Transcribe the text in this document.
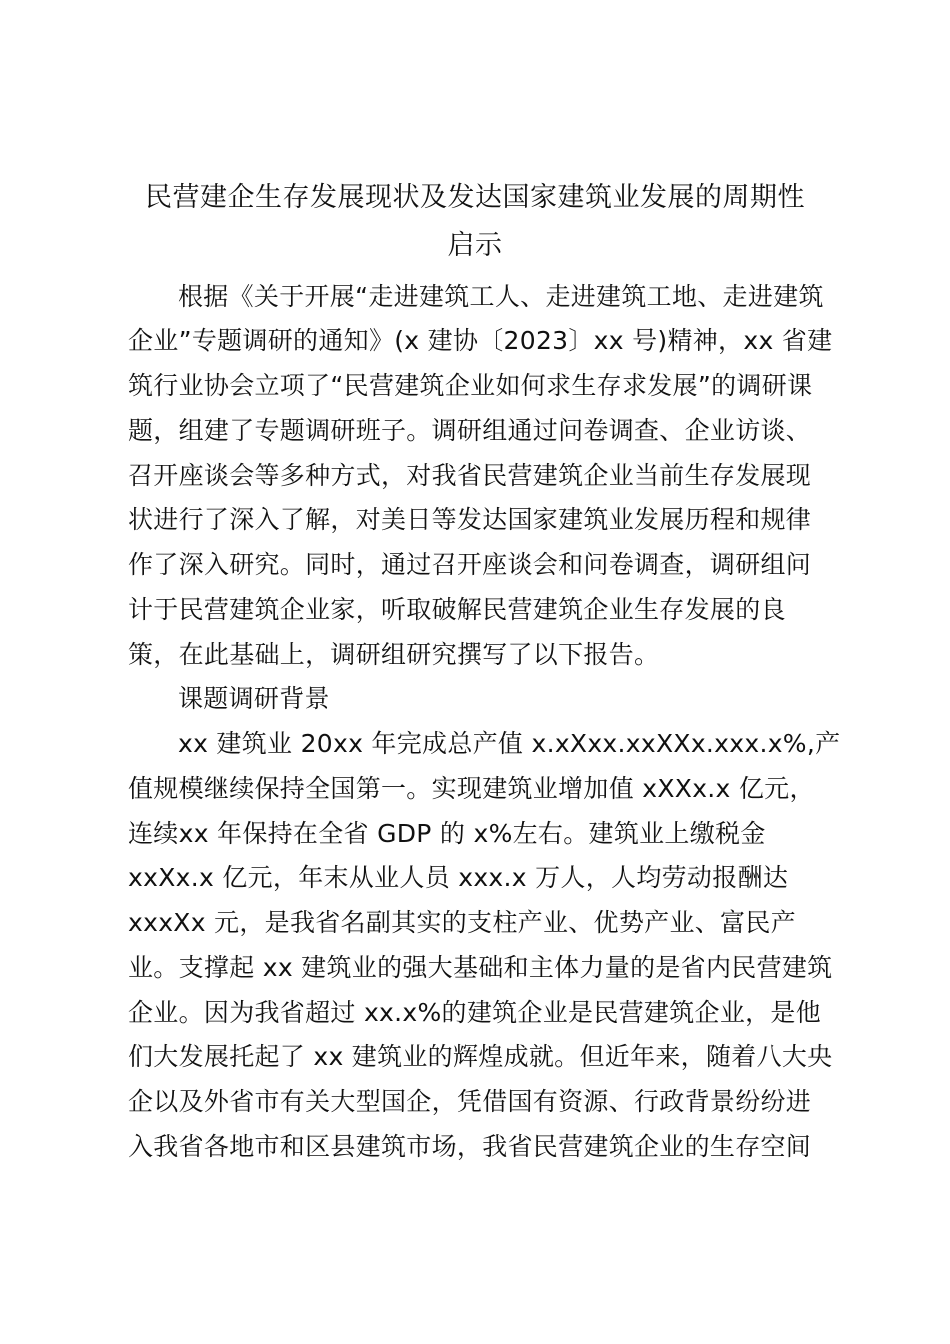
民营建企生存发展现状及发达国家建筑业发展的周期性
启示
根据《关于开展“走进建筑工人、走进建筑工地、走进建筑
企业”专题调研的通知》(x 建协〔2023〕xx 号)精神，xx 省建
筑行业协会立项了“民营建筑企业如何求生存求发展”的调研课
题，组建了专题调研班子。调研组通过问卷调查、企业访谈、
召开座谈会等多种方式，对我省民营建筑企业当前生存发展现
状进行了深入了解，对美日等发达国家建筑业发展历程和规律
作了深入研究。同时，通过召开座谈会和问卷调查，调研组问
计于民营建筑企业家，听取破解民营建筑企业生存发展的良
策，在此基础上，调研组研究撰写了以下报告。
课题调研背景
xx 建筑业 20xx 年完成总产值 x.xXxx.xxXXx.xxx.x%,产
值规模继续保持全国第一。实现建筑业增加值 xXXx.x 亿元，
连续xx 年保持在全省 GDP 的 x%左右。建筑业上缴税金
xxXx.x 亿元，年末从业人员 xxx.x 万人，人均劳动报酬达
xxxXx 元，是我省名副其实的支柱产业、优势产业、富民产
业。支撑起 xx 建筑业的强大基础和主体力量的是省内民营建筑
企业。因为我省超过 xx.x%的建筑企业是民营建筑企业，是他
们大发展托起了 xx 建筑业的辉煌成就。但近年来，随着八大央
企以及外省市有关大型国企，凭借国有资源、行政背景纷纷进
入我省各地市和区县建筑市场，我省民营建筑企业的生存空间
